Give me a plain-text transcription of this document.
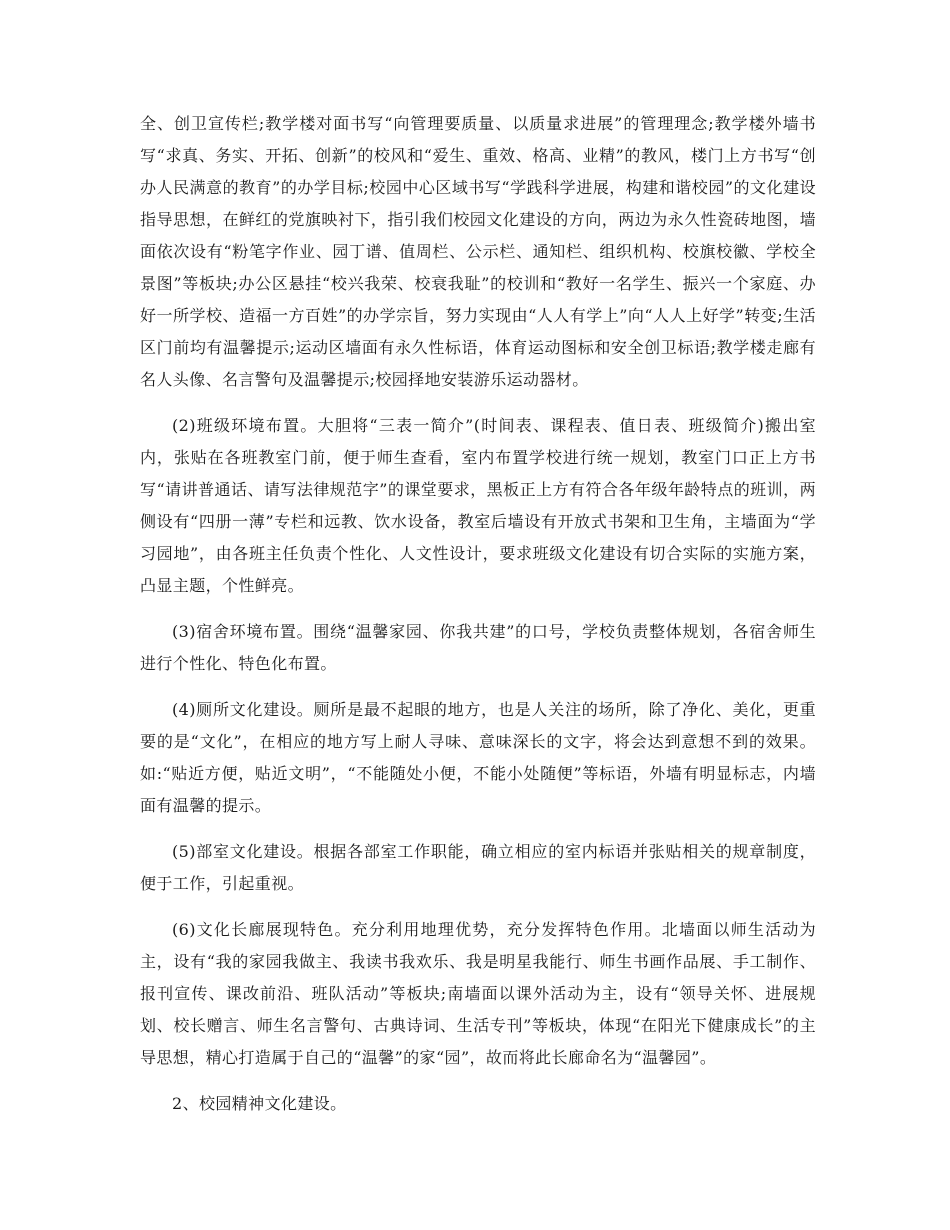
全、创卫宣传栏;教学楼对面书写“向管理要质量、以质量求进展”的管理理念;教学楼外墙书写“求真、务实、开拓、创新”的校风和“爱生、重效、格高、业精”的教风，楼门上方书写“创办人民满意的教育”的办学目标;校园中心区域书写“学践科学进展，构建和谐校园”的文化建设指导思想，在鲜红的党旗映衬下，指引我们校园文化建设的方向，两边为永久性瓷砖地图，墙面依次设有“粉笔字作业、园丁谱、值周栏、公示栏、通知栏、组织机构、校旗校徽、学校全景图”等板块;办公区悬挂“校兴我荣、校衰我耻”的校训和“教好一名学生、振兴一个家庭、办好一所学校、造福一方百姓”的办学宗旨，努力实现由“人人有学上”向“人人上好学”转变;生活区门前均有温馨提示;运动区墙面有永久性标语，体育运动图标和安全创卫标语;教学楼走廊有名人头像、名言警句及温馨提示;校园择地安装游乐运动器材。

(2)班级环境布置。大胆将“三表一简介”(时间表、课程表、值日表、班级简介)搬出室内，张贴在各班教室门前，便于师生查看，室内布置学校进行统一规划，教室门口正上方书写“请讲普通话、请写法律规范字”的课堂要求，黑板正上方有符合各年级年龄特点的班训，两侧设有“四册一薄”专栏和远教、饮水设备，教室后墙设有开放式书架和卫生角，主墙面为“学习园地”，由各班主任负责个性化、人文性设计，要求班级文化建设有切合实际的实施方案，凸显主题，个性鲜亮。

(3)宿舍环境布置。围绕“温馨家园、你我共建”的口号，学校负责整体规划，各宿舍师生进行个性化、特色化布置。

(4)厕所文化建设。厕所是最不起眼的地方，也是人关注的场所，除了净化、美化，更重要的是“文化”，在相应的地方写上耐人寻味、意味深长的文字，将会达到意想不到的效果。如:“贴近方便，贴近文明”，“不能随处小便，不能小处随便”等标语，外墙有明显标志，内墙面有温馨的提示。

(5)部室文化建设。根据各部室工作职能，确立相应的室内标语并张贴相关的规章制度，便于工作，引起重视。

(6)文化长廊展现特色。充分利用地理优势，充分发挥特色作用。北墙面以师生活动为主，设有“我的家园我做主、我读书我欢乐、我是明星我能行、师生书画作品展、手工制作、报刊宣传、课改前沿、班队活动”等板块;南墙面以课外活动为主，设有“领导关怀、进展规划、校长赠言、师生名言警句、古典诗词、生活专刊”等板块，体现“在阳光下健康成长”的主导思想，精心打造属于自己的“温馨”的家“园”，故而将此长廊命名为“温馨园”。

2、校园精神文化建设。
